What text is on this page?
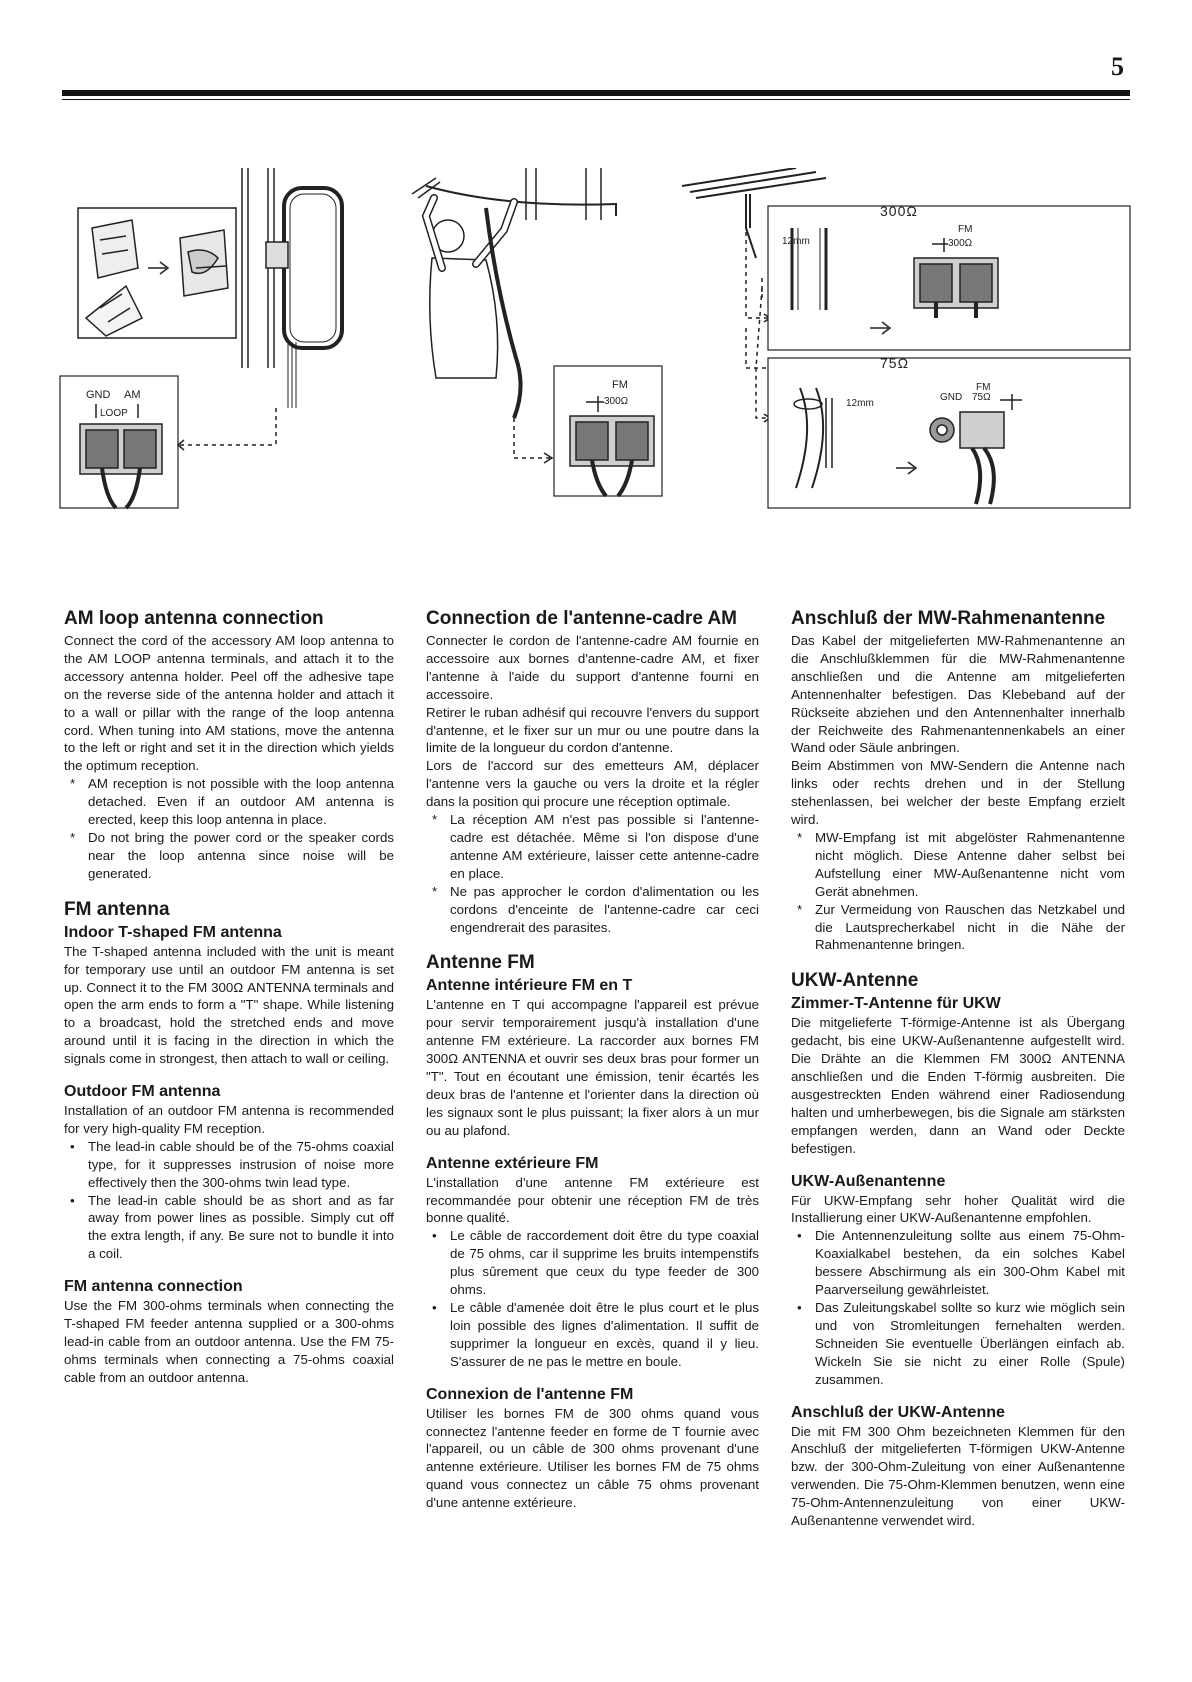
5
GND AM
LOOP
FM
300Ω
300Ω
12mm
FM
300Ω
75Ω
12mm
FM
GND 75Ω
AM loop antenna connection
Connect the cord of the accessory AM loop antenna to the AM LOOP antenna terminals, and attach it to the accessory antenna holder. Peel off the adhesive tape on the reverse side of the antenna holder and attach it to a wall or pillar with the range of the loop antenna cord. When tuning into AM stations, move the antenna to the left or right and set it in the direction which yields the optimum reception.
* AM reception is not possible with the loop antenna detached. Even if an outdoor AM antenna is erected, keep this loop antenna in place.
* Do not bring the power cord or the speaker cords near the loop antenna since noise will be generated.
FM antenna
Indoor T-shaped FM antenna
The T-shaped antenna included with the unit is meant for temporary use until an outdoor FM antenna is set up. Connect it to the FM 300Ω ANTENNA terminals and open the arm ends to form a "T" shape. While listening to a broadcast, hold the stretched ends and move around until it is facing in the direction in which the signals come in strongest, then attach to wall or ceiling.
Outdoor FM antenna
Installation of an outdoor FM antenna is recommended for very high-quality FM reception.
• The lead-in cable should be of the 75-ohms coaxial type, for it suppresses instrusion of noise more effectively then the 300-ohms twin lead type.
• The lead-in cable should be as short and as far away from power lines as possible. Simply cut off the extra length, if any. Be sure not to bundle it into a coil.
FM antenna connection
Use the FM 300-ohms terminals when connecting the T-shaped FM feeder antenna supplied or a 300-ohms lead-in cable from an outdoor antenna. Use the FM 75-ohms terminals when connecting a 75-ohms coaxial cable from an outdoor antenna.
Connection de l'antenne-cadre AM
Connecter le cordon de l'antenne-cadre AM fournie en accessoire aux bornes d'antenne-cadre AM, et fixer l'antenne à l'aide du support d'antenne fourni en accessoire.
Retirer le ruban adhésif qui recouvre l'envers du support d'antenne, et le fixer sur un mur ou une poutre dans la limite de la longueur du cordon d'antenne.
Lors de l'accord sur des emetteurs AM, déplacer l'antenne vers la gauche ou vers la droite et la régler dans la position qui procure une réception optimale.
* La réception AM n'est pas possible si l'antenne-cadre est détachée. Même si l'on dispose d'une antenne AM extérieure, laisser cette antenne-cadre en place.
* Ne pas approcher le cordon d'alimentation ou les cordons d'enceinte de l'antenne-cadre car ceci engendrerait des parasites.
Antenne FM
Antenne intérieure FM en T
L'antenne en T qui accompagne l'appareil est prévue pour servir temporairement jusqu'à installation d'une antenne FM extérieure. La raccorder aux bornes FM 300Ω ANTENNA et ouvrir ses deux bras pour former un "T". Tout en écoutant une émission, tenir écartés les deux bras de l'antenne et l'orienter dans la direction où les signaux sont le plus puissant; la fixer alors à un mur ou au plafond.
Antenne extérieure FM
L'installation d'une antenne FM extérieure est recommandée pour obtenir une réception FM de très bonne qualité.
• Le câble de raccordement doit être du type coaxial de 75 ohms, car il supprime les bruits intempenstifs plus sûrement que ceux du type feeder de 300 ohms.
• Le câble d'amenée doit être le plus court et le plus loin possible des lignes d'alimentation. Il suffit de supprimer la longueur en excès, quand il y lieu. S'assurer de ne pas le mettre en boule.
Connexion de l'antenne FM
Utiliser les bornes FM de 300 ohms quand vous connectez l'antenne feeder en forme de T fournie avec l'appareil, ou un câble de 300 ohms provenant d'une antenne extérieure. Utiliser les bornes FM de 75 ohms quand vous connectez un câble 75 ohms provenant d'une antenne extérieure.
Anschluß der MW-Rahmenantenne
Das Kabel der mitgelieferten MW-Rahmenantenne an die Anschlußklemmen für die MW-Rahmenantenne anschließen und die Antenne am mitgelieferten Antennenhalter befestigen. Das Klebeband auf der Rückseite abziehen und den Antennenhalter innerhalb der Reichweite des Rahmenantennenkabels an einer Wand oder Säule anbringen.
Beim Abstimmen von MW-Sendern die Antenne nach links oder rechts drehen und in der Stellung stehenlassen, bei welcher der beste Empfang erzielt wird.
* MW-Empfang ist mit abgelöster Rahmenantenne nicht möglich. Diese Antenne daher selbst bei Aufstellung einer MW-Außenantenne nicht vom Gerät abnehmen.
* Zur Vermeidung von Rauschen das Netzkabel und die Lautsprecherkabel nicht in die Nähe der Rahmenantenne bringen.
UKW-Antenne
Zimmer-T-Antenne für UKW
Die mitgelieferte T-förmige-Antenne ist als Übergang gedacht, bis eine UKW-Außenantenne aufgestellt wird. Die Drähte an die Klemmen FM 300Ω ANTENNA anschließen und die Enden T-förmig ausbreiten. Die ausgestreckten Enden während einer Radiosendung halten und umherbewegen, bis die Signale am stärksten empfangen werden, dann an Wand oder Deckte befestigen.
UKW-Außenantenne
Für UKW-Empfang sehr hoher Qualität wird die Installierung einer UKW-Außenantenne empfohlen.
• Die Antennenzuleitung sollte aus einem 75-Ohm-Koaxialkabel bestehen, da ein solches Kabel bessere Abschirmung als ein 300-Ohm Kabel mit Paarverseilung gewährleistet.
• Das Zuleitungskabel sollte so kurz wie möglich sein und von Stromleitungen fernehalten werden. Schneiden Sie eventuelle Überlängen einfach ab. Wickeln Sie sie nicht zu einer Rolle (Spule) zusammen.
Anschluß der UKW-Antenne
Die mit FM 300 Ohm bezeichneten Klemmen für den Anschluß der mitgelieferten T-förmigen UKW-Antenne bzw. der 300-Ohm-Zuleitung von einer Außenantenne verwenden. Die 75-Ohm-Klemmen benutzen, wenn eine 75-Ohm-Antennenzuleitung von einer UKW-Außenantenne verwendet wird.
